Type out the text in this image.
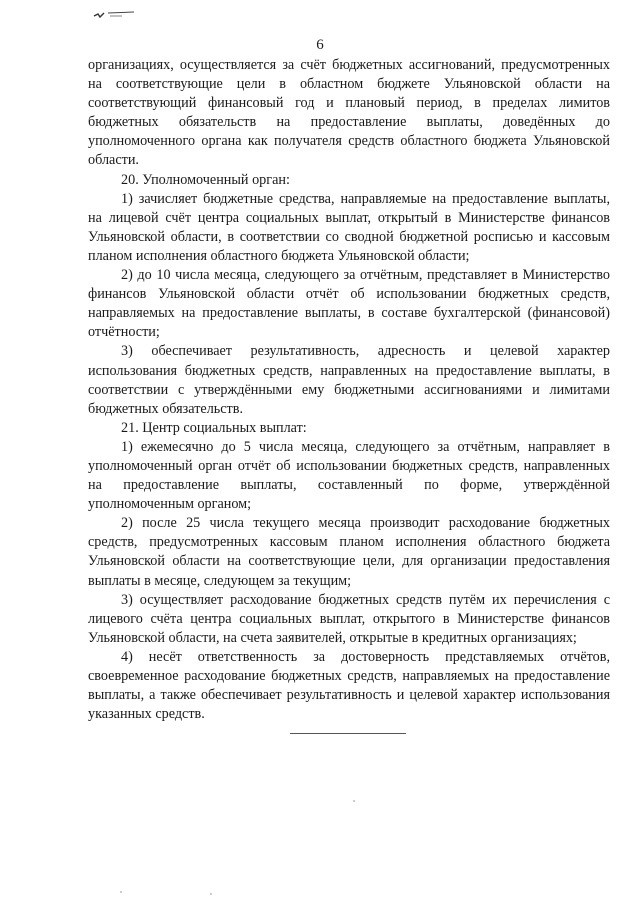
6

организациях, осуществляется за счёт бюджетных ассигнований, предусмотренных на соответствующие цели в областном бюджете Ульяновской области на соответствующий финансовый год и плановый период, в пределах лимитов бюджетных обязательств на предоставление выплаты, доведённых до уполномоченного органа как получателя средств областного бюджета Ульяновской области.

20. Уполномоченный орган:

1) зачисляет бюджетные средства, направляемые на предоставление выплаты, на лицевой счёт центра социальных выплат, открытый в Министерстве финансов Ульяновской области, в соответствии со сводной бюджетной росписью и кассовым планом исполнения областного бюджета Ульяновской области;

2) до 10 числа месяца, следующего за отчётным, представляет в Министерство финансов Ульяновской области отчёт об использовании бюджетных средств, направляемых на предоставление выплаты, в составе бухгалтерской (финансовой) отчётности;

3) обеспечивает результативность, адресность и целевой характер использования бюджетных средств, направленных на предоставление выплаты, в соответствии с утверждёнными ему бюджетными ассигнованиями и лимитами бюджетных обязательств.

21. Центр социальных выплат:

1) ежемесячно до 5 числа месяца, следующего за отчётным, направляет в уполномоченный орган отчёт об использовании бюджетных средств, направленных на предоставление выплаты, составленный по форме, утверждённой уполномоченным органом;

2) после 25 числа текущего месяца производит расходование бюджетных средств, предусмотренных кассовым планом исполнения областного бюджета Ульяновской области на соответствующие цели, для организации предоставления выплаты в месяце, следующем за текущим;

3) осуществляет расходование бюджетных средств путём их перечисления с лицевого счёта центра социальных выплат, открытого в Министерстве финансов Ульяновской области, на счета заявителей, открытые в кредитных организациях;

4) несёт ответственность за достоверность представляемых отчётов, своевременное расходование бюджетных средств, направляемых на предоставление выплаты, а также обеспечивает результативность и целевой характер использования указанных средств.
